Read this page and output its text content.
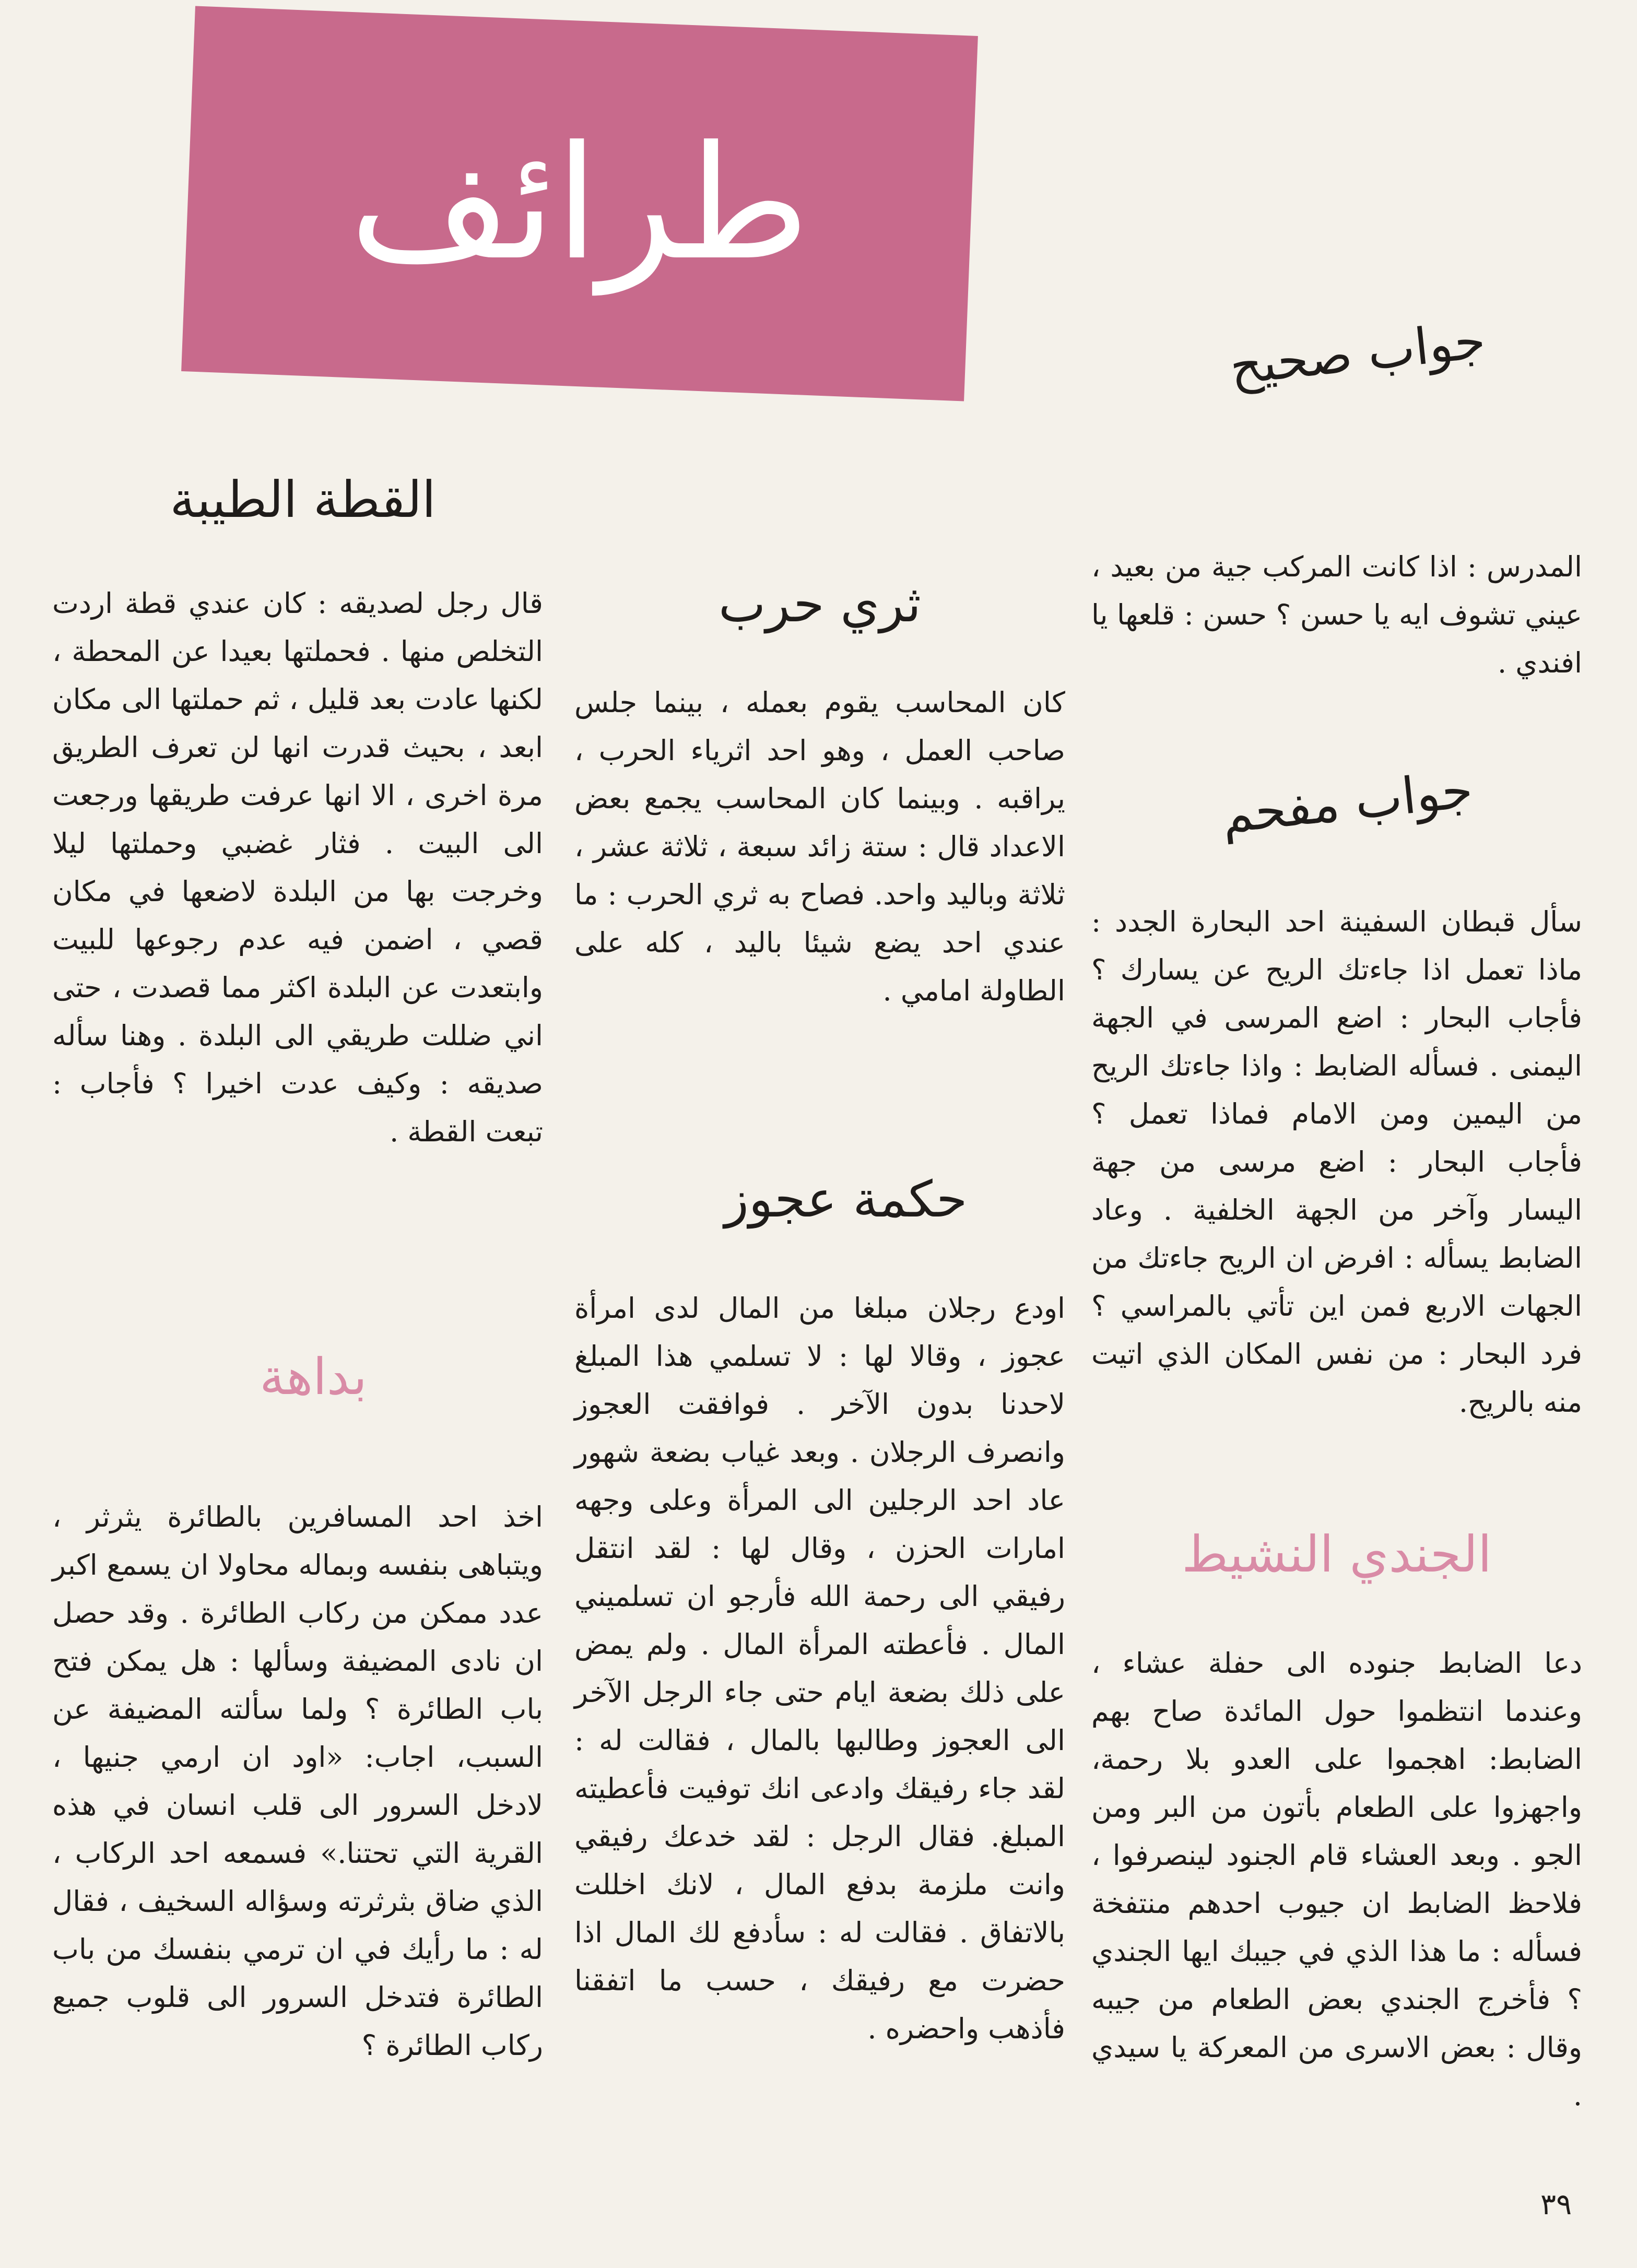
طرائف
جواب صحيح

المدرس : اذا كانت المركب جية من بعيد ، عيني تشوف ايه يا حسن ؟ حسن : قلعها يا افندي .

جواب مفحم

سأل قبطان السفينة احد البحارة الجدد : ماذا تعمل اذا جاءتك الريح عن يسارك ؟ فأجاب البحار : اضع المرسى في الجهة اليمنى . فسأله الضابط : واذا جاءتك الريح من اليمين ومن الامام فماذا تعمل ؟ فأجاب البحار : اضع مرسى من جهة اليسار وآخر من الجهة الخلفية . وعاد الضابط يسأله : افرض ان الريح جاءتك من الجهات الاربع فمن اين تأتي بالمراسي ؟ فرد البحار : من نفس المكان الذي اتيت منه بالريح.

الجندي النشيط

دعا الضابط جنوده الى حفلة عشاء ، وعندما انتظموا حول المائدة صاح بهم الضابط: اهجموا على العدو بلا رحمة، واجهزوا على الطعام بأتون من البر ومن الجو . وبعد العشاء قام الجنود لينصرفوا ، فلاحظ الضابط ان جيوب احدهم منتفخة فسأله : ما هذا الذي في جيبك ايها الجندي ؟ فأخرج الجندي بعض الطعام من جيبه وقال : بعض الاسرى من المعركة يا سيدي .

ثري حرب

كان المحاسب يقوم بعمله ، بينما جلس صاحب العمل ، وهو احد اثرياء الحرب ، يراقبه . وبينما كان المحاسب يجمع بعض الاعداد قال : ستة زائد سبعة ، ثلاثة عشر ، ثلاثة وباليد واحد. فصاح به ثري الحرب : ما عندي احد يضع شيئا باليد ، كله على الطاولة امامي .

حكمة عجوز

اودع رجلان مبلغا من المال لدى امرأة عجوز ، وقالا لها : لا تسلمي هذا المبلغ لاحدنا بدون الآخر . فوافقت العجوز وانصرف الرجلان . وبعد غياب بضعة شهور عاد احد الرجلين الى المرأة وعلى وجهه امارات الحزن ، وقال لها : لقد انتقل رفيقي الى رحمة الله فأرجو ان تسلميني المال . فأعطته المرأة المال . ولم يمض على ذلك بضعة ايام حتى جاء الرجل الآخر الى العجوز وطالبها بالمال ، فقالت له : لقد جاء رفيقك وادعى انك توفيت فأعطيته المبلغ. فقال الرجل : لقد خدعك رفيقي وانت ملزمة بدفع المال ، لانك اخللت بالاتفاق . فقالت له : سأدفع لك المال اذا حضرت مع رفيقك ، حسب ما اتفقنا فأذهب واحضره .

القطة الطيبة

قال رجل لصديقه : كان عندي قطة اردت التخلص منها . فحملتها بعيدا عن المحطة ، لكنها عادت بعد قليل ، ثم حملتها الى مكان ابعد ، بحيث قدرت انها لن تعرف الطريق مرة اخرى ، الا انها عرفت طريقها ورجعت الى البيت . فثار غضبي وحملتها ليلا وخرجت بها من البلدة لاضعها في مكان قصي ، اضمن فيه عدم رجوعها للبيت وابتعدت عن البلدة اكثر مما قصدت ، حتى اني ضللت طريقي الى البلدة . وهنا سأله صديقه : وكيف عدت اخيرا ؟ فأجاب : تبعت القطة .

بداهة

اخذ احد المسافرين بالطائرة يثرثر ، ويتباهى بنفسه وبماله محاولا ان يسمع اكبر عدد ممكن من ركاب الطائرة . وقد حصل ان نادى المضيفة وسألها : هل يمكن فتح باب الطائرة ؟ ولما سألته المضيفة عن السبب، اجاب: «اود ان ارمي جنيها ، لادخل السرور الى قلب انسان في هذه القرية التي تحتنا.» فسمعه احد الركاب ، الذي ضاق بثرثرته وسؤاله السخيف ، فقال له : ما رأيك في ان ترمي بنفسك من باب الطائرة فتدخل السرور الى قلوب جميع ركاب الطائرة ؟

٣٩
